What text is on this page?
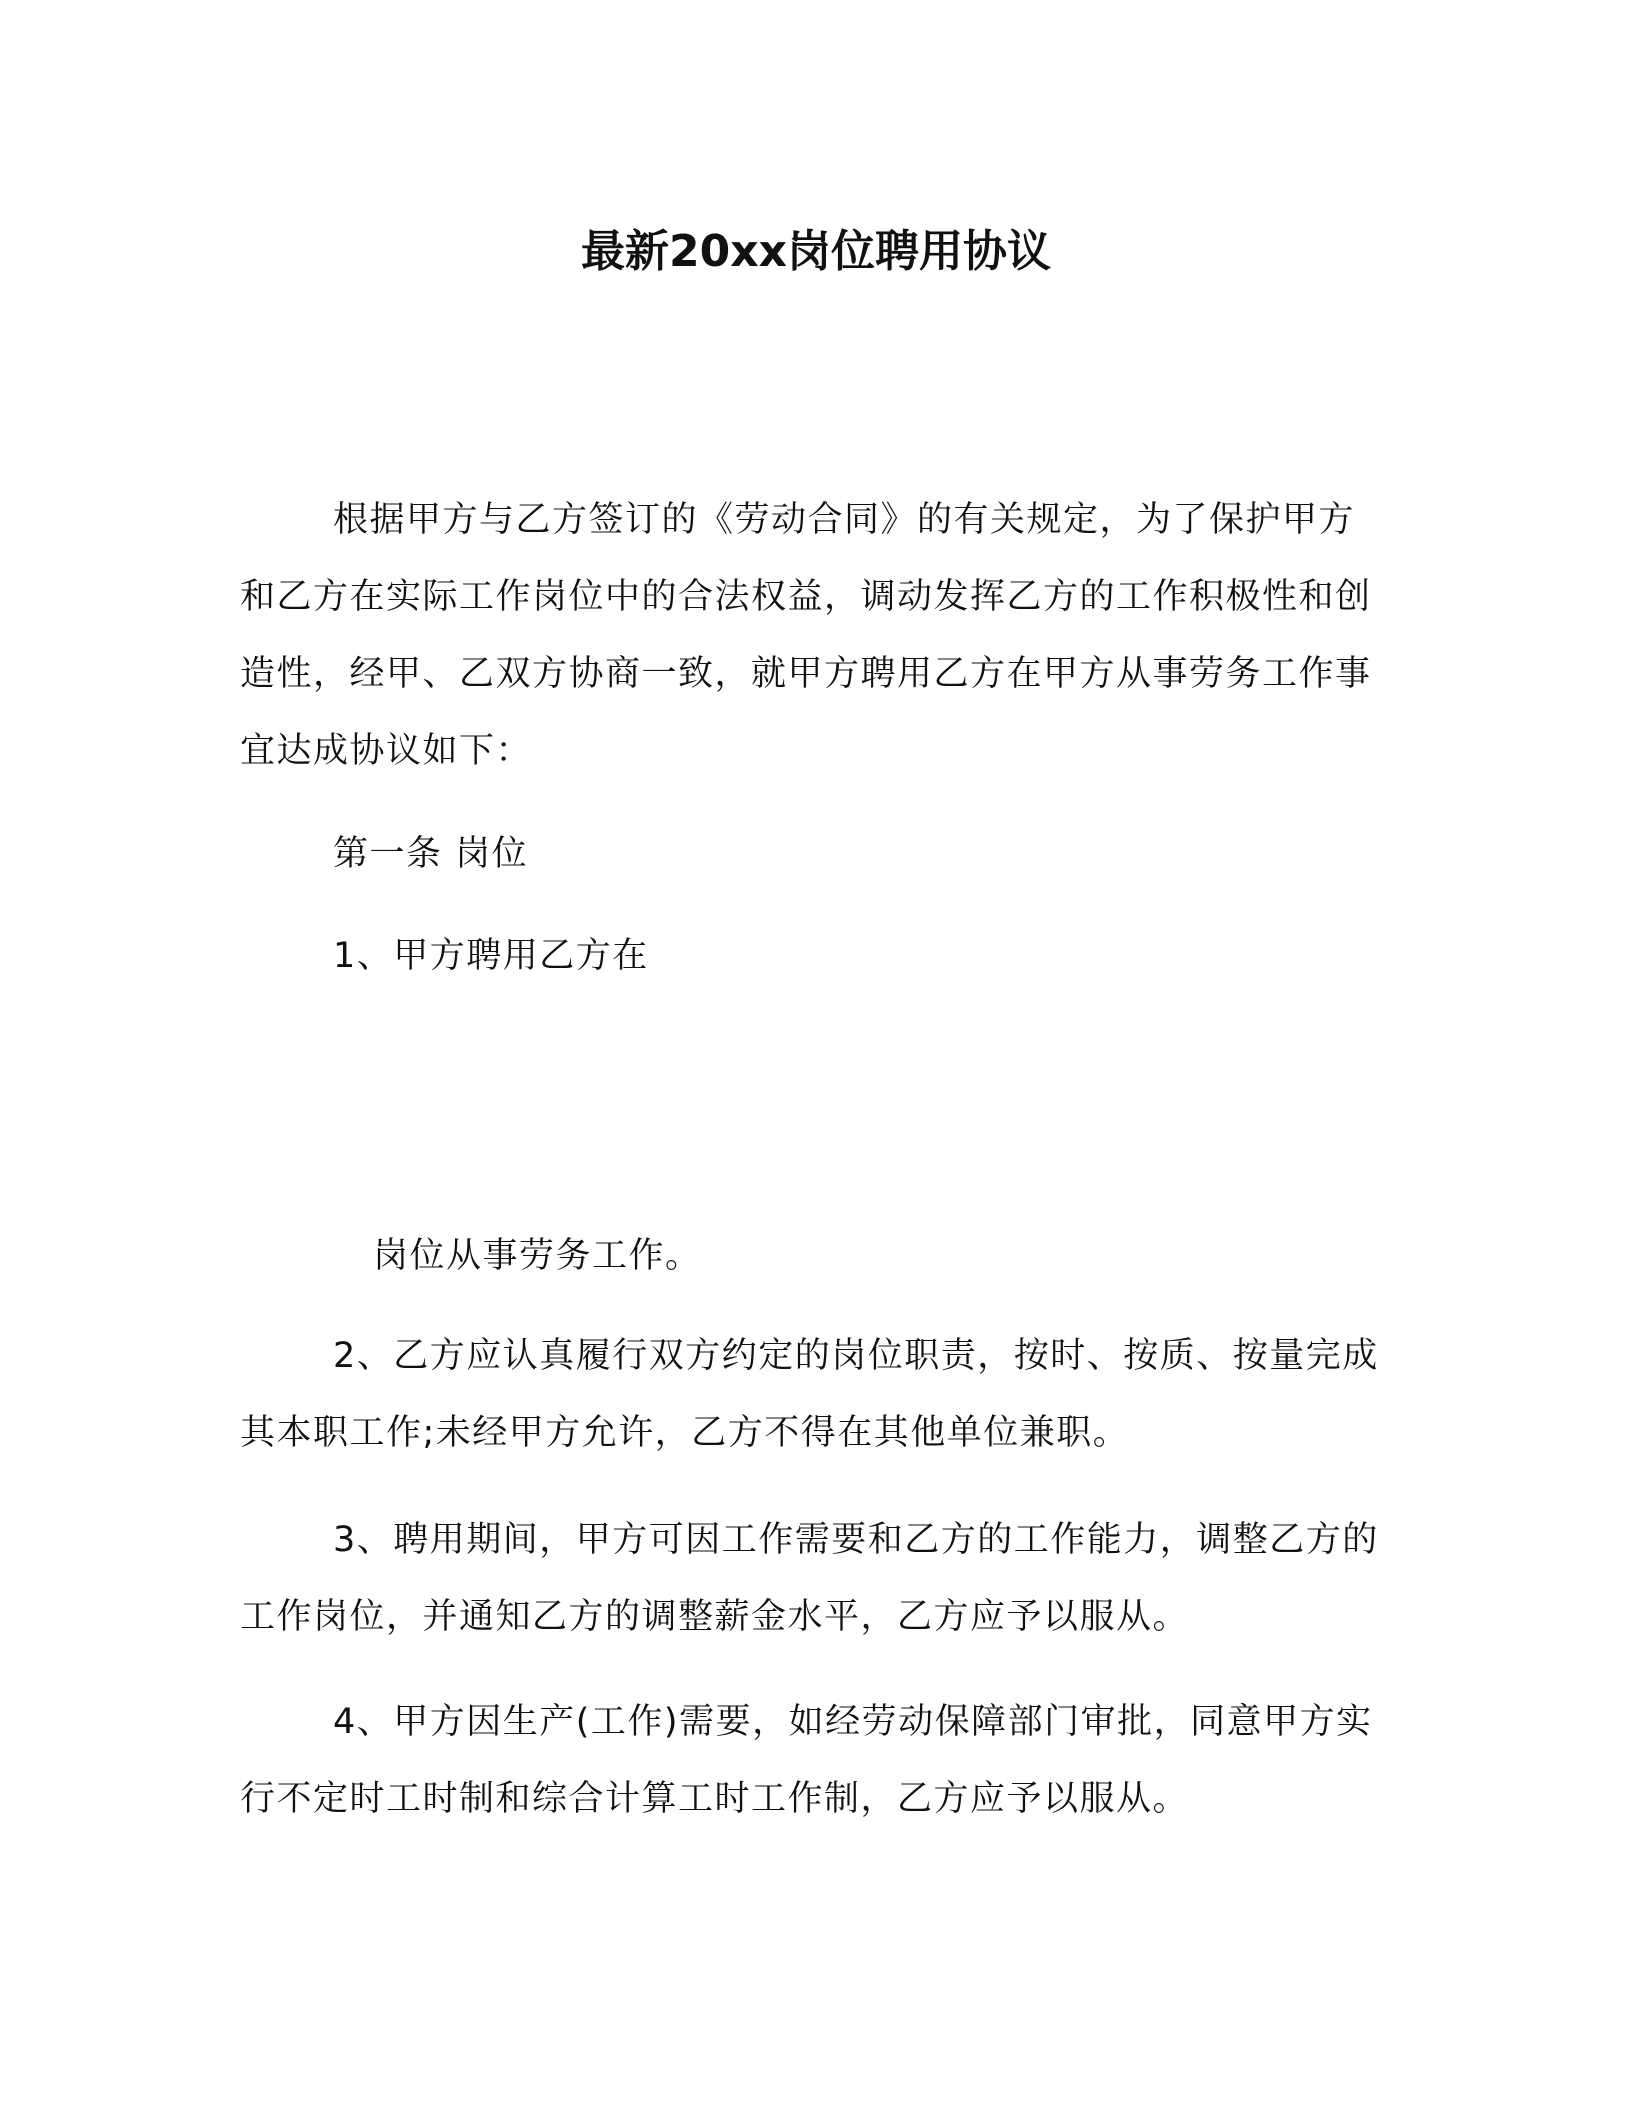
最新20xx岗位聘用协议

根据甲方与乙方签订的《劳动合同》的有关规定，为了保护甲方和乙方在实际工作岗位中的合法权益，调动发挥乙方的工作积极性和创造性，经甲、乙双方协商一致，就甲方聘用乙方在甲方从事劳务工作事宜达成协议如下：

第一条 岗位

1、甲方聘用乙方在

岗位从事劳务工作。

2、乙方应认真履行双方约定的岗位职责，按时、按质、按量完成其本职工作;未经甲方允许，乙方不得在其他单位兼职。

3、聘用期间，甲方可因工作需要和乙方的工作能力，调整乙方的工作岗位，并通知乙方的调整薪金水平，乙方应予以服从。

4、甲方因生产(工作)需要，如经劳动保障部门审批，同意甲方实行不定时工时制和综合计算工时工作制，乙方应予以服从。
